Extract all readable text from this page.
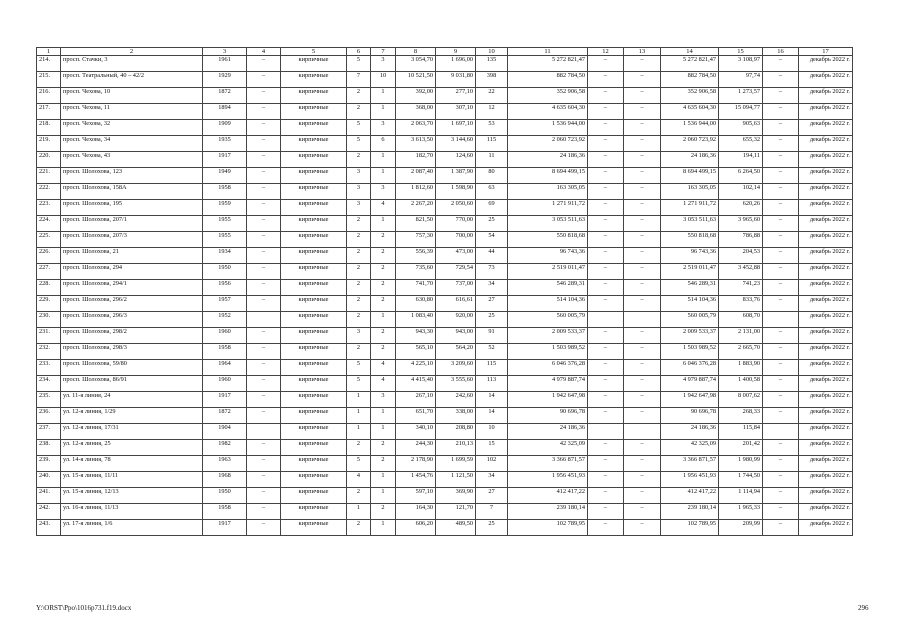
1	2	3	4	5	6	7	8	9	10	11	12	13	14	15	16	17
214.	просп. Стачки, 3	1961	–	кирпичные	5	3	3 054,70	1 696,00	135	5 272 821,47	–	–	5 272 821,47	3 108,97	–	декабрь 2022 г.
215.	просп. Театральный, 40 – 42/2	1929	–	кирпичные	7	10	10 521,50	9 031,80	398	882 784,50	–	–	882 784,50	97,74	–	декабрь 2022 г.
216.	просп. Чехова, 10	1872	–	кирпичные	2	1	392,00	277,10	22	352 906,58	–	–	352 906,58	1 273,57	–	декабрь 2022 г.
217.	просп. Чехова, 11	1894	–	кирпичные	2	1	368,00	307,10	12	4 635 604,30	–	–	4 635 604,30	15 094,77	–	декабрь 2022 г.
218.	просп. Чехова, 32	1909	–	кирпичные	5	3	2 063,70	1 697,10	53	1 536 944,00	–	–	1 536 944,00	905,63	–	декабрь 2022 г.
219.	просп. Чехова, 34	1935	–	кирпичные	5	6	3 613,50	3 144,60	115	2 060 723,92	–	–	2 060 723,92	655,32	–	декабрь 2022 г.
220.	просп. Чехова, 43	1917	–	кирпичные	2	1	182,70	124,60	11	24 186,36	–	–	24 186,36	194,11	–	декабрь 2022 г.
221.	просп. Шолохова, 123	1949	–	кирпичные	3	1	2 087,40	1 387,90	80	8 694 499,15	–	–	8 694 499,15	6 264,50	–	декабрь 2022 г.
222.	просп. Шолохова, 158А	1958	–	кирпичные	3	3	1 812,60	1 598,90	63	163 305,05	–	–	163 305,05	102,14	–	декабрь 2022 г.
223.	просп. Шолохова, 195	1959	–	кирпичные	3	4	2 267,20	2 050,60	69	1 271 911,72	–	–	1 271 911,72	620,26	–	декабрь 2022 г.
224.	просп. Шолохова, 207/1	1955	–	кирпичные	2	1	821,50	770,00	25	3 053 511,63	–	–	3 053 511,63	3 965,60	–	декабрь 2022 г.
225.	просп. Шолохова, 207/3	1955	–	кирпичные	2	2	757,30	700,00	54	550 818,68	–	–	550 818,68	786,88	–	декабрь 2022 г.
226.	просп. Шолохова, 21	1934	–	кирпичные	2	2	556,39	473,00	44	96 743,36	–	–	96 743,36	204,53	–	декабрь 2022 г.
227.	просп. Шолохова, 294	1950	–	кирпичные	2	2	735,60	729,54	73	2 519 011,47	–	–	2 519 011,47	3 452,88	–	декабрь 2022 г.
228.	просп. Шолохова, 294/1	1956	–	кирпичные	2	2	741,70	737,00	34	546 289,31	–	–	546 289,31	741,23	–	декабрь 2022 г.
229.	просп. Шолохова, 296/2	1957	–	кирпичные	2	2	630,80	616,61	27	514 104,36	–	–	514 104,36	833,76	–	декабрь 2022 г.
230.	просп. Шолохова, 296/3	1952		кирпичные	2	1	1 083,40	920,00	25	560 005,79			560 005,79	608,70		декабрь 2022 г.
231.	просп. Шолохова, 298/2	1960	–	кирпичные	3	2	943,30	943,00	91	2 009 533,37	–	–	2 009 533,37	2 131,00	–	декабрь 2022 г.
232.	просп. Шолохова, 298/3	1958	–	кирпичные	2	2	565,10	564,20	52	1 503 989,52	–	–	1 503 989,52	2 665,70	–	декабрь 2022 г.
233.	просп. Шолохова, 59/80	1964	–	кирпичные	5	4	4 225,10	3 209,60	115	6 046 376,28	–	–	6 046 376,28	1 883,90	–	декабрь 2022 г.
234.	просп. Шолохова, 86/91	1960	–	кирпичные	5	4	4 415,40	3 555,60	113	4 979 887,74	–	–	4 979 887,74	1 400,58	–	декабрь 2022 г.
235.	ул. 11-я линия, 24	1917	–	кирпичные	1	3	267,10	242,60	14	1 942 647,98	–	–	1 942 647,98	8 007,62	–	декабрь 2022 г.
236.	ул. 12-я линия, 1/29	1872	–	кирпичные	1	1	651,70	338,00	14	90 696,78	–	–	90 696,78	268,33	–	декабрь 2022 г.
237.	ул. 12-я линия, 17/31	1904		кирпичные	1	1	340,10	208,80	10	24 186,36			24 186,36	115,84		декабрь 2022 г.
238.	ул. 12-я линия, 25	1982	–	кирпичные	2	2	244,30	210,13	15	42 325,09	–	–	42 325,09	201,42	–	декабрь 2022 г.
239.	ул. 14-я линия, 78	1963	–	кирпичные	5	2	2 178,90	1 699,59	102	3 366 871,57	–	–	3 366 871,57	1 980,99	–	декабрь 2022 г.
240.	ул. 15-я линия, 11/11	1968	–	кирпичные	4	1	1 454,76	1 121,50	34	1 956 451,93	–	–	1 956 451,93	1 744,50	–	декабрь 2022 г.
241.	ул. 15-я линия, 12/13	1950	–	кирпичные	2	1	597,10	369,90	27	412 417,22	–	–	412 417,22	1 114,94	–	декабрь 2022 г.
242.	ул. 16-я линия, 11/13	1958	–	кирпичные	1	2	164,30	121,70	7	239 180,14	–	–	239 180,14	1 965,33	–	декабрь 2022 г.
243.	ул. 17-я линия, 1/6	1917	–	кирпичные	2	1	606,20	489,50	25	102 789,95	–	–	102 789,95	209,99	–	декабрь 2022 г.
Y:\ORST\Ppo\1016p731.f19.docx	296
